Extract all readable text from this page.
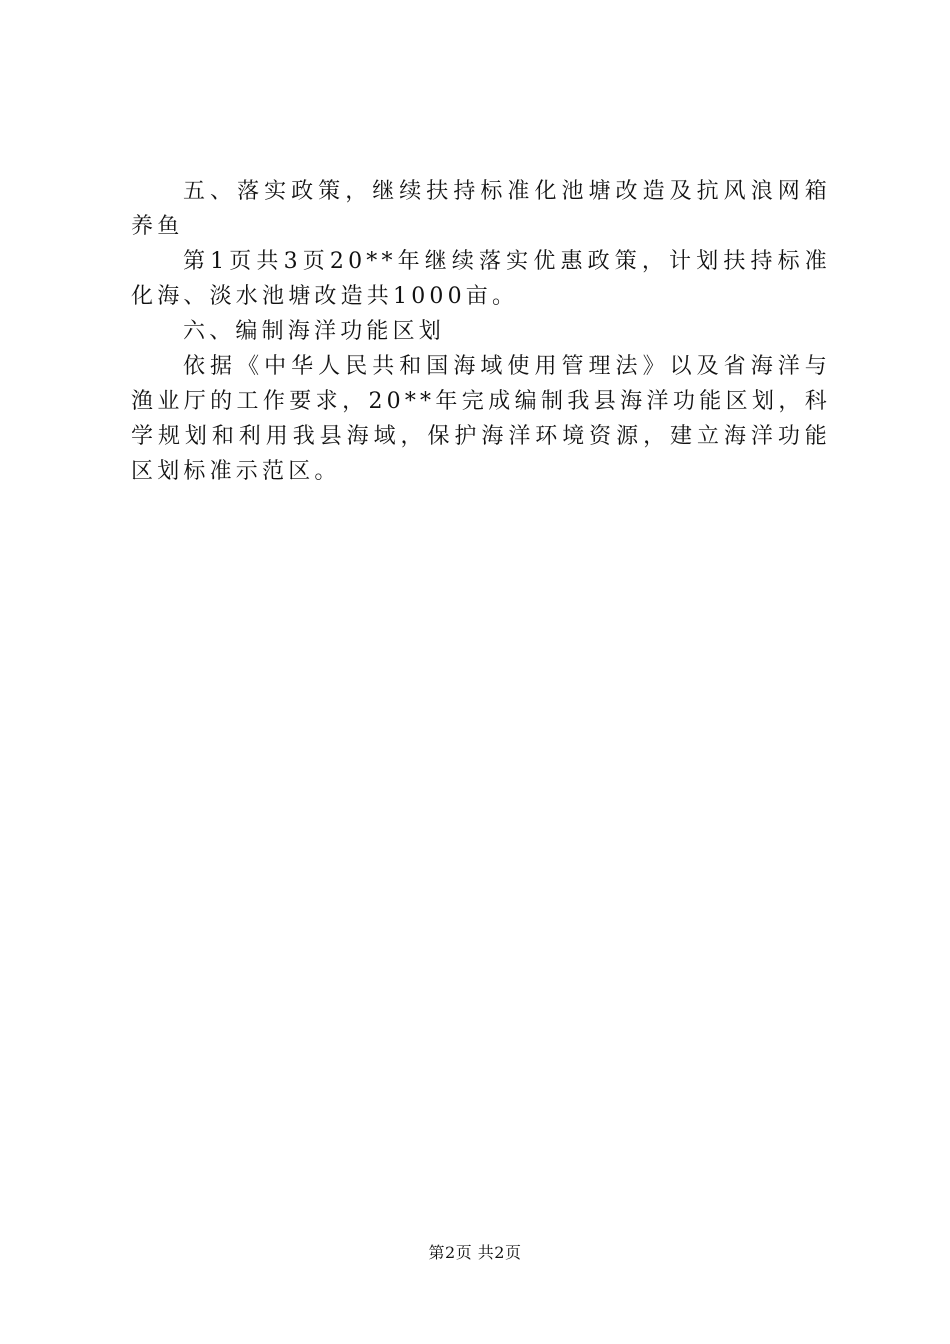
五、落实政策，继续扶持标准化池塘改造及抗风浪网箱养鱼

第1页共3页20**年继续落实优惠政策，计划扶持标准化海、淡水池塘改造共1000亩。

六、编制海洋功能区划

依据《中华人民共和国海域使用管理法》以及省海洋与渔业厅的工作要求，20**年完成编制我县海洋功能区划，科学规划和利用我县海域，保护海洋环境资源，建立海洋功能区划标准示范区。

第2页 共2页
